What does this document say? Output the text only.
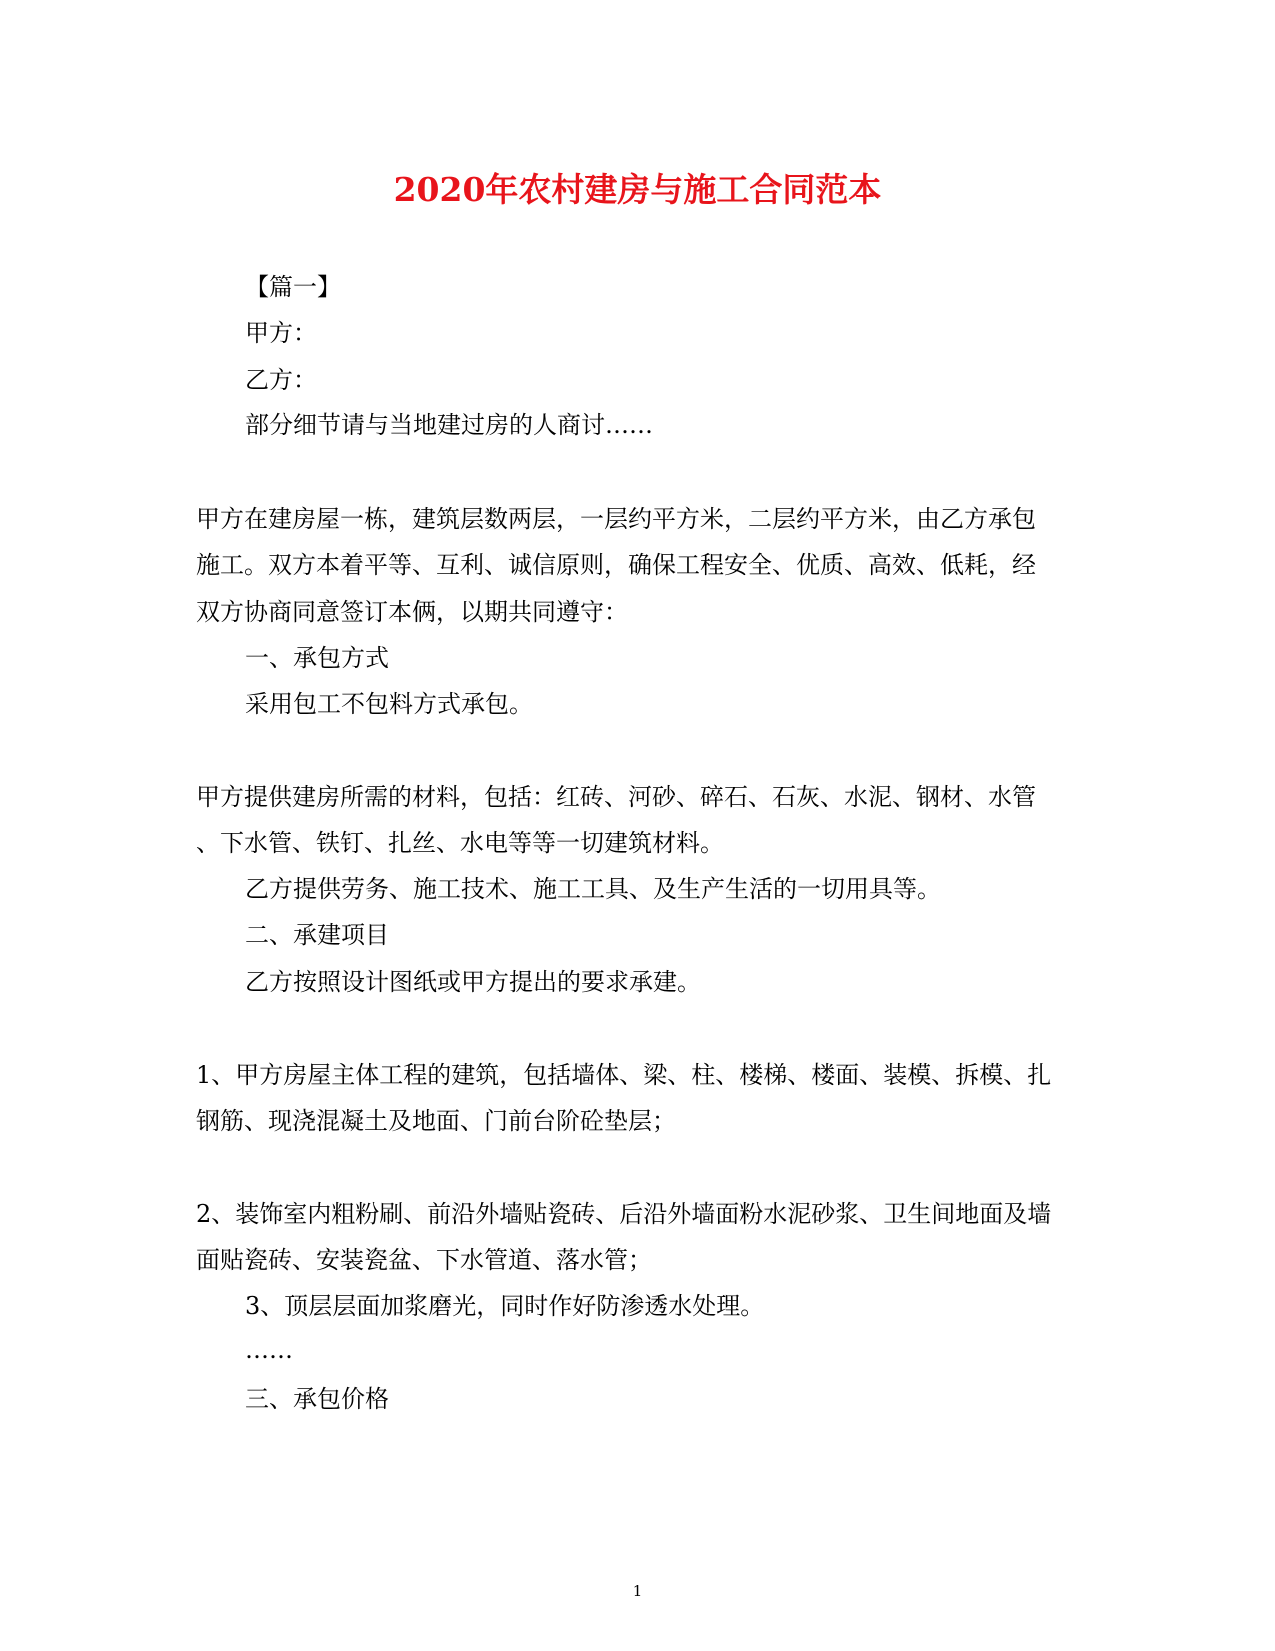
2020年农村建房与施工合同范本
【篇一】
甲方：
乙方：
部分细节请与当地建过房的人商讨……
甲方在建房屋一栋，建筑层数两层，一层约平方米，二层约平方米，由乙方承包
施工。双方本着平等、互利、诚信原则，确保工程安全、优质、高效、低耗，经
双方协商同意签订本俩，以期共同遵守：
一、承包方式
采用包工不包料方式承包。
甲方提供建房所需的材料，包括：红砖、河砂、碎石、石灰、水泥、钢材、水管
、下水管、铁钉、扎丝、水电等等一切建筑材料。
乙方提供劳务、施工技术、施工工具、及生产生活的一切用具等。
二、承建项目
乙方按照设计图纸或甲方提出的要求承建。
1、甲方房屋主体工程的建筑，包括墙体、梁、柱、楼梯、楼面、装模、拆模、扎
钢筋、现浇混凝土及地面、门前台阶砼垫层；
2、装饰室内粗粉刷、前沿外墙贴瓷砖、后沿外墙面粉水泥砂浆、卫生间地面及墙
面贴瓷砖、安装瓷盆、下水管道、落水管；
3、顶层层面加浆磨光，同时作好防渗透水处理。
……
三、承包价格
1
